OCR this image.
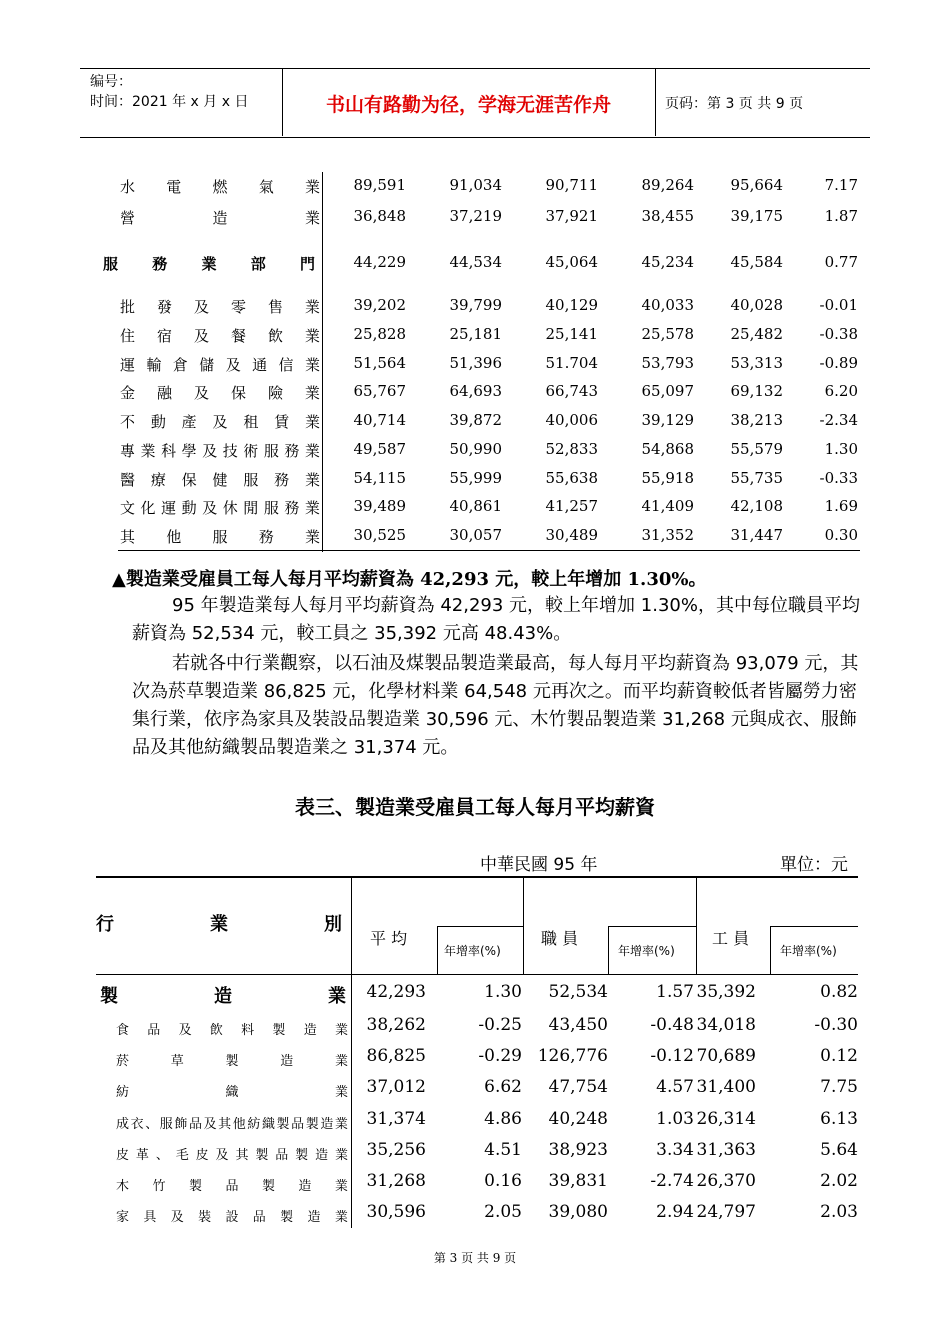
编号：
时间：2021 年 x 月 x 日	书山有路勤为径，学海无涯苦作舟	页码：第 3 页 共 9 页
水 電 燃 氣 業	89,591	91,034	90,711	89,264	95,664	7.17
營	造	業	36,848	37,219	37,921	38,455	39,175	1.87
服 務 業 部 門	44,229	44,534	45,064	45,234	45,584	0.77
批 發 及 零 售 業	39,202	39,799	40,129	40,033	40,028	-0.01
住 宿 及 餐 飲 業	25,828	25,181	25,141	25,578	25,482	-0.38
運 輸 倉 儲 及 通 信 業	51,564	51,396	51.704	53,793	53,313	-0.89
金 融 及 保 險 業	65,767	64,693	66,743	65,097	69,132	6.20
不 動 產 及 租 賃 業	40,714	39,872	40,006	39,129	38,213	-2.34
專 業 科 學 及 技 術 服 務 業	49,587	50,990	52,833	54,868	55,579	1.30
醫 療 保 健 服 務 業	54,115	55,999	55,638	55,918	55,735	-0.33
文 化 運 動 及 休 閒 服 務 業	39,489	40,861	41,257	41,409	42,108	1.69
其 他 服 務 業	30,525	30,057	30,489	31,352	31,447	0.30
▲製造業受雇員工每人每月平均薪資為 42,293 元，較上年增加 1.30%。
95 年製造業每人每月平均薪資為 42,293 元，較上年增加 1.30%，其中每位職員平均薪資為 52,534 元，較工員之 35,392 元高 48.43%。
若就各中行業觀察，以石油及煤製品製造業最高，每人每月平均薪資為 93,079 元，其次為菸草製造業 86,825 元，化學材料業 64,548 元再次之。而平均薪資較低者皆屬勞力密集行業，依序為家具及裝設品製造業 30,596 元、木竹製品製造業 31,268 元與成衣、服飾品及其他紡織製品製造業之 31,374 元。
表三、製造業受雇員工每人每月平均薪資
中華民國 95 年	單位：元
行	業	別
平 均	職 員	工 員
年增率(%)	年增率(%)	年增率(%)
製	造	業	42,293	1.30	52,534	1.57 35,392	0.82
食 品 及 飲 料 製 造 業	38,262	-0.25	43,450	-0.48 34,018	-0.30
菸	草	製	造	業	86,825	-0.29 126,776	-0.12 70,689	0.12
紡	織	業	37,012	6.62	47,754	4.57 31,400	7.75
成 衣 、 服 飾 品 及 其 他 紡 織 製 品 製 造 業	31,374	4.86	40,248	1.03 26,314	6.13
皮 革 、 毛 皮 及 其 製 品 製 造 業	35,256	4.51	38,923	3.34 31,363	5.64
木 竹 製 品 製 造 業	31,268	0.16	39,831	-2.74 26,370	2.02
家 具 及 裝 設 品 製 造 業	30,596	2.05	39,080	2.94 24,797	2.03
第 3 页 共 9 页
